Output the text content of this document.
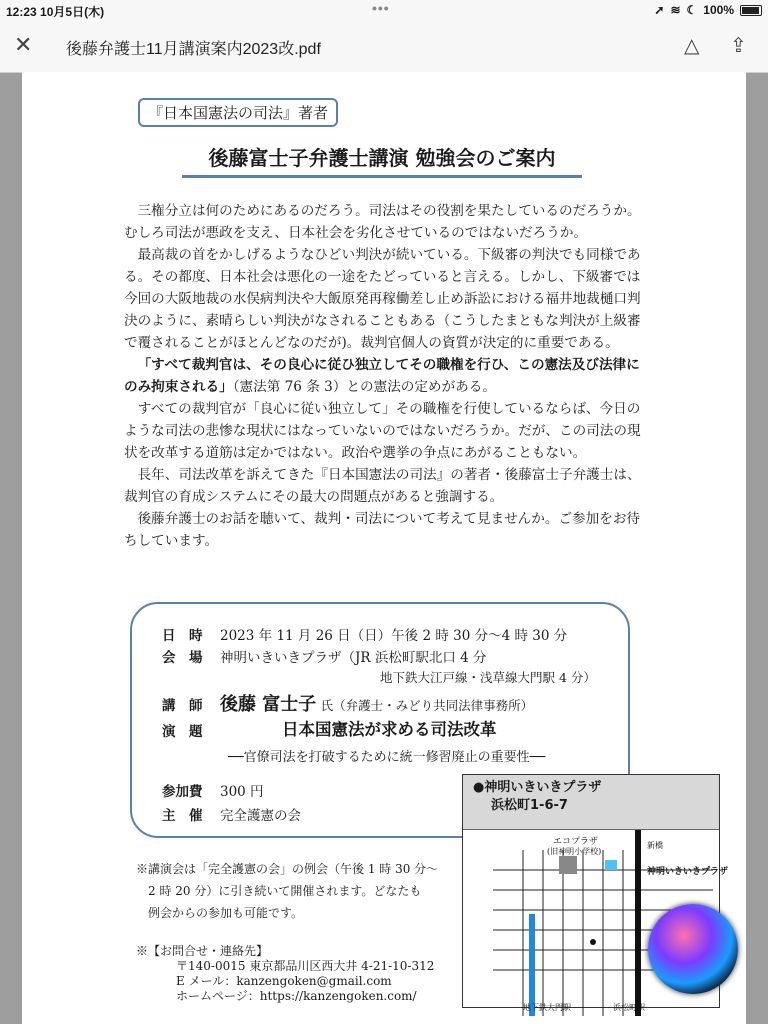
12:23 10月5日(木)	•••	➚ ≋ ☾ 100%
✕ 後藤弁護士11月講演案内2023改.pdf	△ ⇪
『日本国憲法の司法』著者
後藤富士子弁護士講演 勉強会のご案内

三権分立は何のためにあるのだろう。司法はその役割を果たしているのだろうか。むしろ司法が悪政を支え、日本社会を劣化させているのではないだろうか。

最高裁の首をかしげるようなひどい判決が続いている。下級審の判決でも同様である。その都度、日本社会は悪化の一途をたどっていると言える。しかし、下級審では今回の大阪地裁の水俣病判決や大飯原発再稼働差し止め訴訟における福井地裁樋口判決のように、素晴らしい判決がなされることもある（こうしたまともな判決が上級審で覆されることがほとんどなのだが)。裁判官個人の資質が決定的に重要である。

「すべて裁判官は、その良心に従ひ独立してその職権を行ひ、この憲法及び法律にのみ拘束される」（憲法第 76 条 3）との憲法の定めがある。

すべての裁判官が「良心に従い独立して」その職権を行使しているならば、今日のような司法の悲惨な現状にはなっていないのではないだろうか。だが、この司法の現状を改革する道筋は定かではない。政治や選挙の争点にあがることもない。

長年、司法改革を訴えてきた『日本国憲法の司法』の著者・後藤富士子弁護士は、裁判官の育成システムにその最大の問題点があると強調する。

後藤弁護士のお話を聴いて、裁判・司法について考えて見ませんか。ご参加をお待ちしています。

日　時 2023 年 11 月 26 日（日）午後 2 時 30 分〜4 時 30 分
会　場 神明いきいきプラザ（JR 浜松町駅北口 4 分
地下鉄大江戸線・浅草線大門駅 4 分）
講　師 後藤 富士子 氏（弁護士・みどり共同法律事務所）
演　題	日本国憲法が求める司法改革
──官僚司法を打破するために統一修習廃止の重要性──
参加費 300 円
主　催 完全護憲の会
※講演会は「完全護憲の会」の例会（午後 1 時 30 分〜
2 時 20 分）に引き続いて開催されます。どなたも
例会からの参加も可能です。
※【お問合せ・連絡先】
〒140-0015 東京都品川区西大井 4-21-10-312
E メール：kanzengoken@gmail.com
ホームページ：https://kanzengoken.com/
●神明いきいきプラザ
浜松町1-6-7
エコプラザ
(旧神明小学校)
神明いきいきプラザ
新橋
地下鉄大門駅	浜松町駅
